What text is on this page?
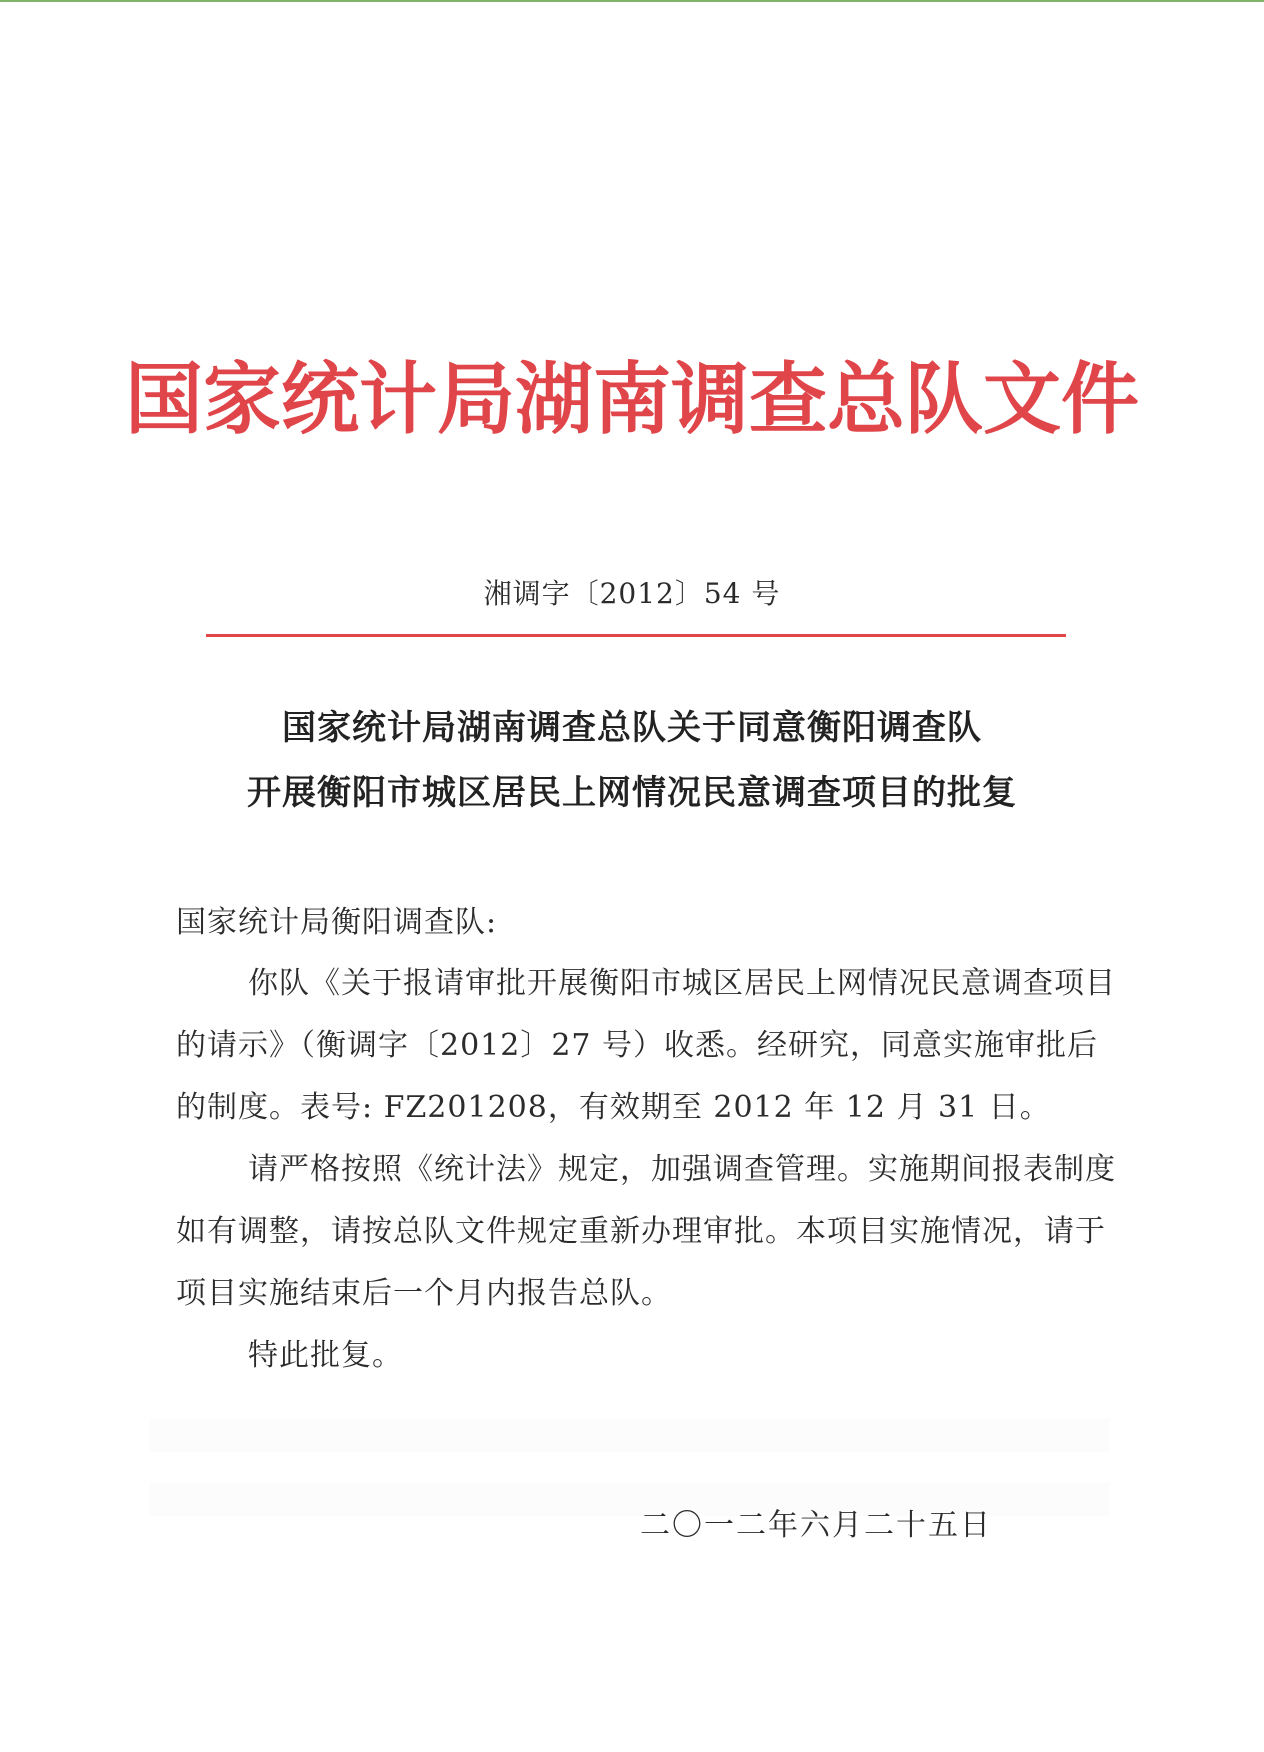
国家统计局湖南调查总队文件
湘调字〔2012〕54 号
国家统计局湖南调查总队关于同意衡阳调查队
开展衡阳市城区居民上网情况民意调查项目的批复
国家统计局衡阳调查队:

你队《关于报请审批开展衡阳市城区居民上网情况民意调查项目的请示》（衡调字〔2012〕27 号）收悉。经研究，同意实施审批后的制度。表号: FZ201208，有效期至 2012 年 12 月 31 日。

请严格按照《统计法》规定，加强调查管理。实施期间报表制度如有调整，请按总队文件规定重新办理审批。本项目实施情况，请于项目实施结束后一个月内报告总队。

特此批复。

二〇一二年六月二十五日
